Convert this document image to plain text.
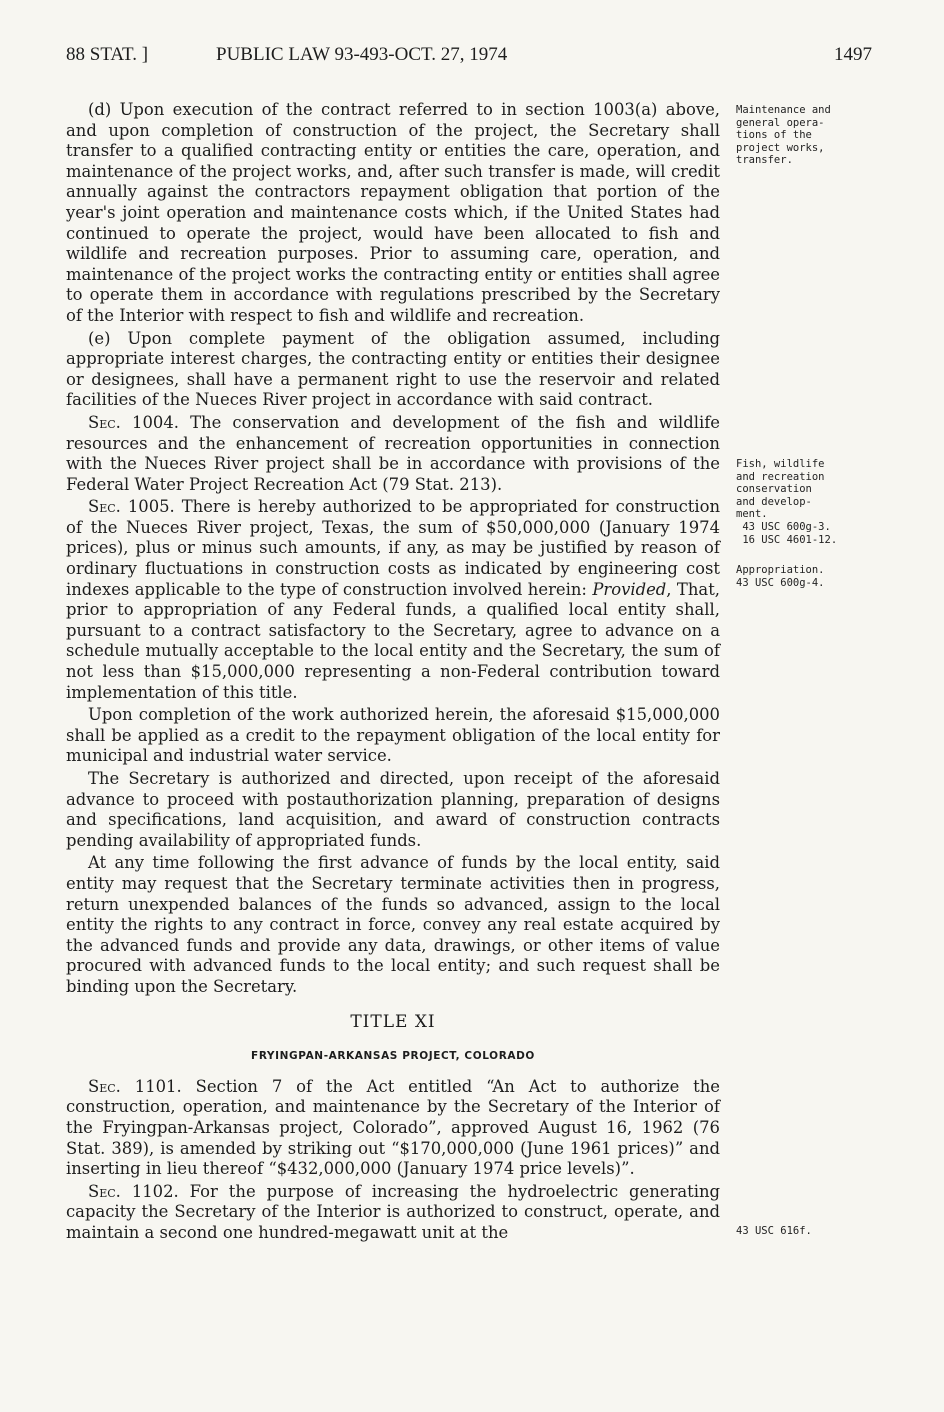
88 STAT. ]	PUBLIC LAW 93-493-OCT. 27, 1974	1497

(d) Upon execution of the contract referred to in section 1003(a) above, and upon completion of construction of the project, the Secretary shall transfer to a qualified contracting entity or entities the care, operation, and maintenance of the project works, and, after such transfer is made, will credit annually against the contractors repayment obligation that portion of the year's joint operation and maintenance costs which, if the United States had continued to operate the project, would have been allocated to fish and wildlife and recreation purposes. Prior to assuming care, operation, and maintenance of the project works the contracting entity or entities shall agree to operate them in accordance with regulations prescribed by the Secretary of the Interior with respect to fish and wildlife and recreation.

(e) Upon complete payment of the obligation assumed, including appropriate interest charges, the contracting entity or entities their designee or designees, shall have a permanent right to use the reservoir and related facilities of the Nueces River project in accordance with said contract.

Sec. 1004. The conservation and development of the fish and wildlife resources and the enhancement of recreation opportunities in connection with the Nueces River project shall be in accordance with provisions of the Federal Water Project Recreation Act (79 Stat. 213).

Sec. 1005. There is hereby authorized to be appropriated for construction of the Nueces River project, Texas, the sum of $50,000,000 (January 1974 prices), plus or minus such amounts, if any, as may be justified by reason of ordinary fluctuations in construction costs as indicated by engineering cost indexes applicable to the type of construction involved herein: Provided, That, prior to appropriation of any Federal funds, a qualified local entity shall, pursuant to a contract satisfactory to the Secretary, agree to advance on a schedule mutually acceptable to the local entity and the Secretary, the sum of not less than $15,000,000 representing a non-Federal contribution toward implementation of this title.

Upon completion of the work authorized herein, the aforesaid $15,000,000 shall be applied as a credit to the repayment obligation of the local entity for municipal and industrial water service.

The Secretary is authorized and directed, upon receipt of the aforesaid advance to proceed with postauthorization planning, preparation of designs and specifications, land acquisition, and award of construction contracts pending availability of appropriated funds.

At any time following the first advance of funds by the local entity, said entity may request that the Secretary terminate activities then in progress, return unexpended balances of the funds so advanced, assign to the local entity the rights to any contract in force, convey any real estate acquired by the advanced funds and provide any data, drawings, or other items of value procured with advanced funds to the local entity; and such request shall be binding upon the Secretary.

TITLE XI
FRYINGPAN-ARKANSAS PROJECT, COLORADO

Sec. 1101. Section 7 of the Act entitled “An Act to authorize the construction, operation, and maintenance by the Secretary of the Interior of the Fryingpan-Arkansas project, Colorado”, approved August 16, 1962 (76 Stat. 389), is amended by striking out “$170,000,000 (June 1961 prices)” and inserting in lieu thereof “$432,000,000 (January 1974 price levels)”.

Sec. 1102. For the purpose of increasing the hydroelectric generating capacity the Secretary of the Interior is authorized to construct, operate, and maintain a second one hundred-megawatt unit at the

Maintenance and
general opera-
tions of the
project works,
transfer.
Fish, wildlife
and recreation
conservation
and develop-
ment.
43 USC 600g-3.
16 USC 4601-12.
Appropriation.
43 USC 600g-4.
43 USC 616f.
